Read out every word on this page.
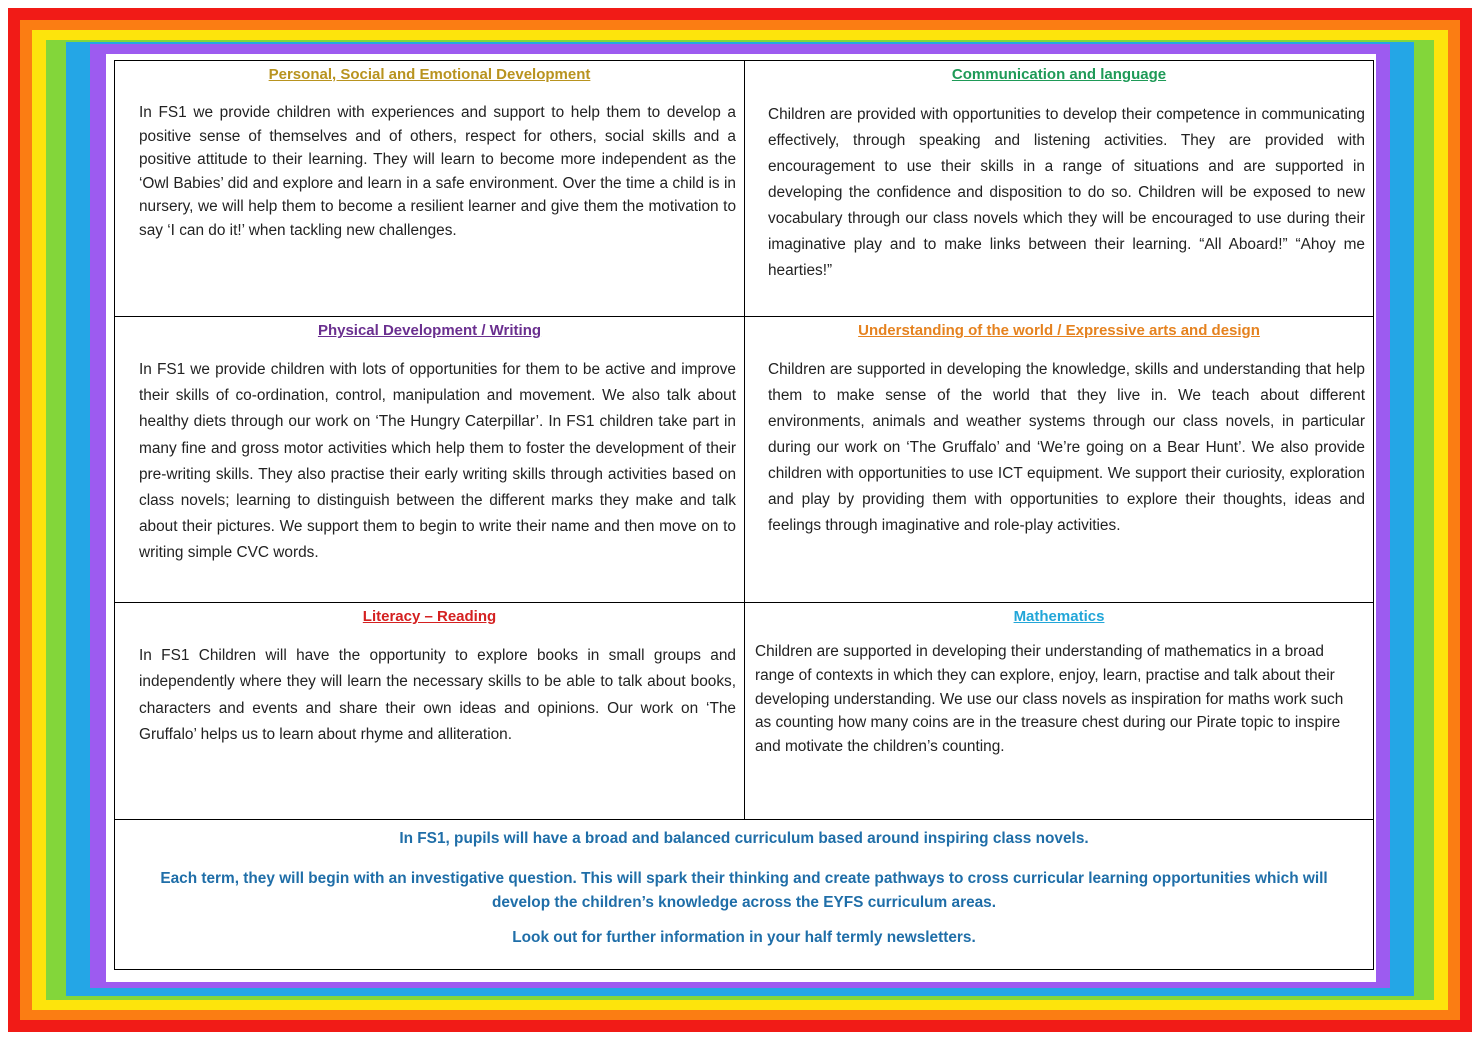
Personal, Social and Emotional Development
In FS1 we provide children with experiences and support to help them to develop a positive sense of themselves and of others, respect for others, social skills and a positive attitude to their learning. They will learn to become more independent as the ‘Owl Babies’ did and explore and learn in a safe environment. Over the time a child is in nursery, we will help them to become a resilient learner and give them the motivation to say ‘I can do it!’ when tackling new challenges.
Communication and language
Children are provided with opportunities to develop their competence in communicating effectively, through speaking and listening activities. They are provided with encouragement to use their skills in a range of situations and are supported in developing the confidence and disposition to do so. Children will be exposed to new vocabulary through our class novels which they will be encouraged to use during their imaginative play and to make links between their learning. “All Aboard!” “Ahoy me hearties!”
Physical Development / Writing
In FS1 we provide children with lots of opportunities for them to be active and improve their skills of co-ordination, control, manipulation and movement. We also talk about healthy diets through our work on ‘The Hungry Caterpillar’. In FS1 children take part in many fine and gross motor activities which help them to foster the development of their pre-writing skills. They also practise their early writing skills through activities based on class novels; learning to distinguish between the different marks they make and talk about their pictures. We support them to begin to write their name and then move on to writing simple CVC words.
Understanding of the world / Expressive arts and design
Children are supported in developing the knowledge, skills and understanding that help them to make sense of the world that they live in. We teach about different environments, animals and weather systems through our class novels, in particular during our work on ‘The Gruffalo’ and ‘We’re going on a Bear Hunt’. We also provide children with opportunities to use ICT equipment. We support their curiosity, exploration and play by providing them with opportunities to explore their thoughts, ideas and feelings through imaginative and role-play activities.
Literacy – Reading
In FS1 Children will have the opportunity to explore books in small groups and independently where they will learn the necessary skills to be able to talk about books, characters and events and share their own ideas and opinions. Our work on ‘The Gruffalo’ helps us to learn about rhyme and alliteration.
Mathematics
Children are supported in developing their understanding of mathematics in a broad range of contexts in which they can explore, enjoy, learn, practise and talk about their developing understanding. We use our class novels as inspiration for maths work such as counting how many coins are in the treasure chest during our Pirate topic to inspire and motivate the children’s counting.

In FS1, pupils will have a broad and balanced curriculum based around inspiring class novels.

Each term, they will begin with an investigative question. This will spark their thinking and create pathways to cross curricular learning opportunities which will develop the children’s knowledge across the EYFS curriculum areas.

Look out for further information in your half termly newsletters.
